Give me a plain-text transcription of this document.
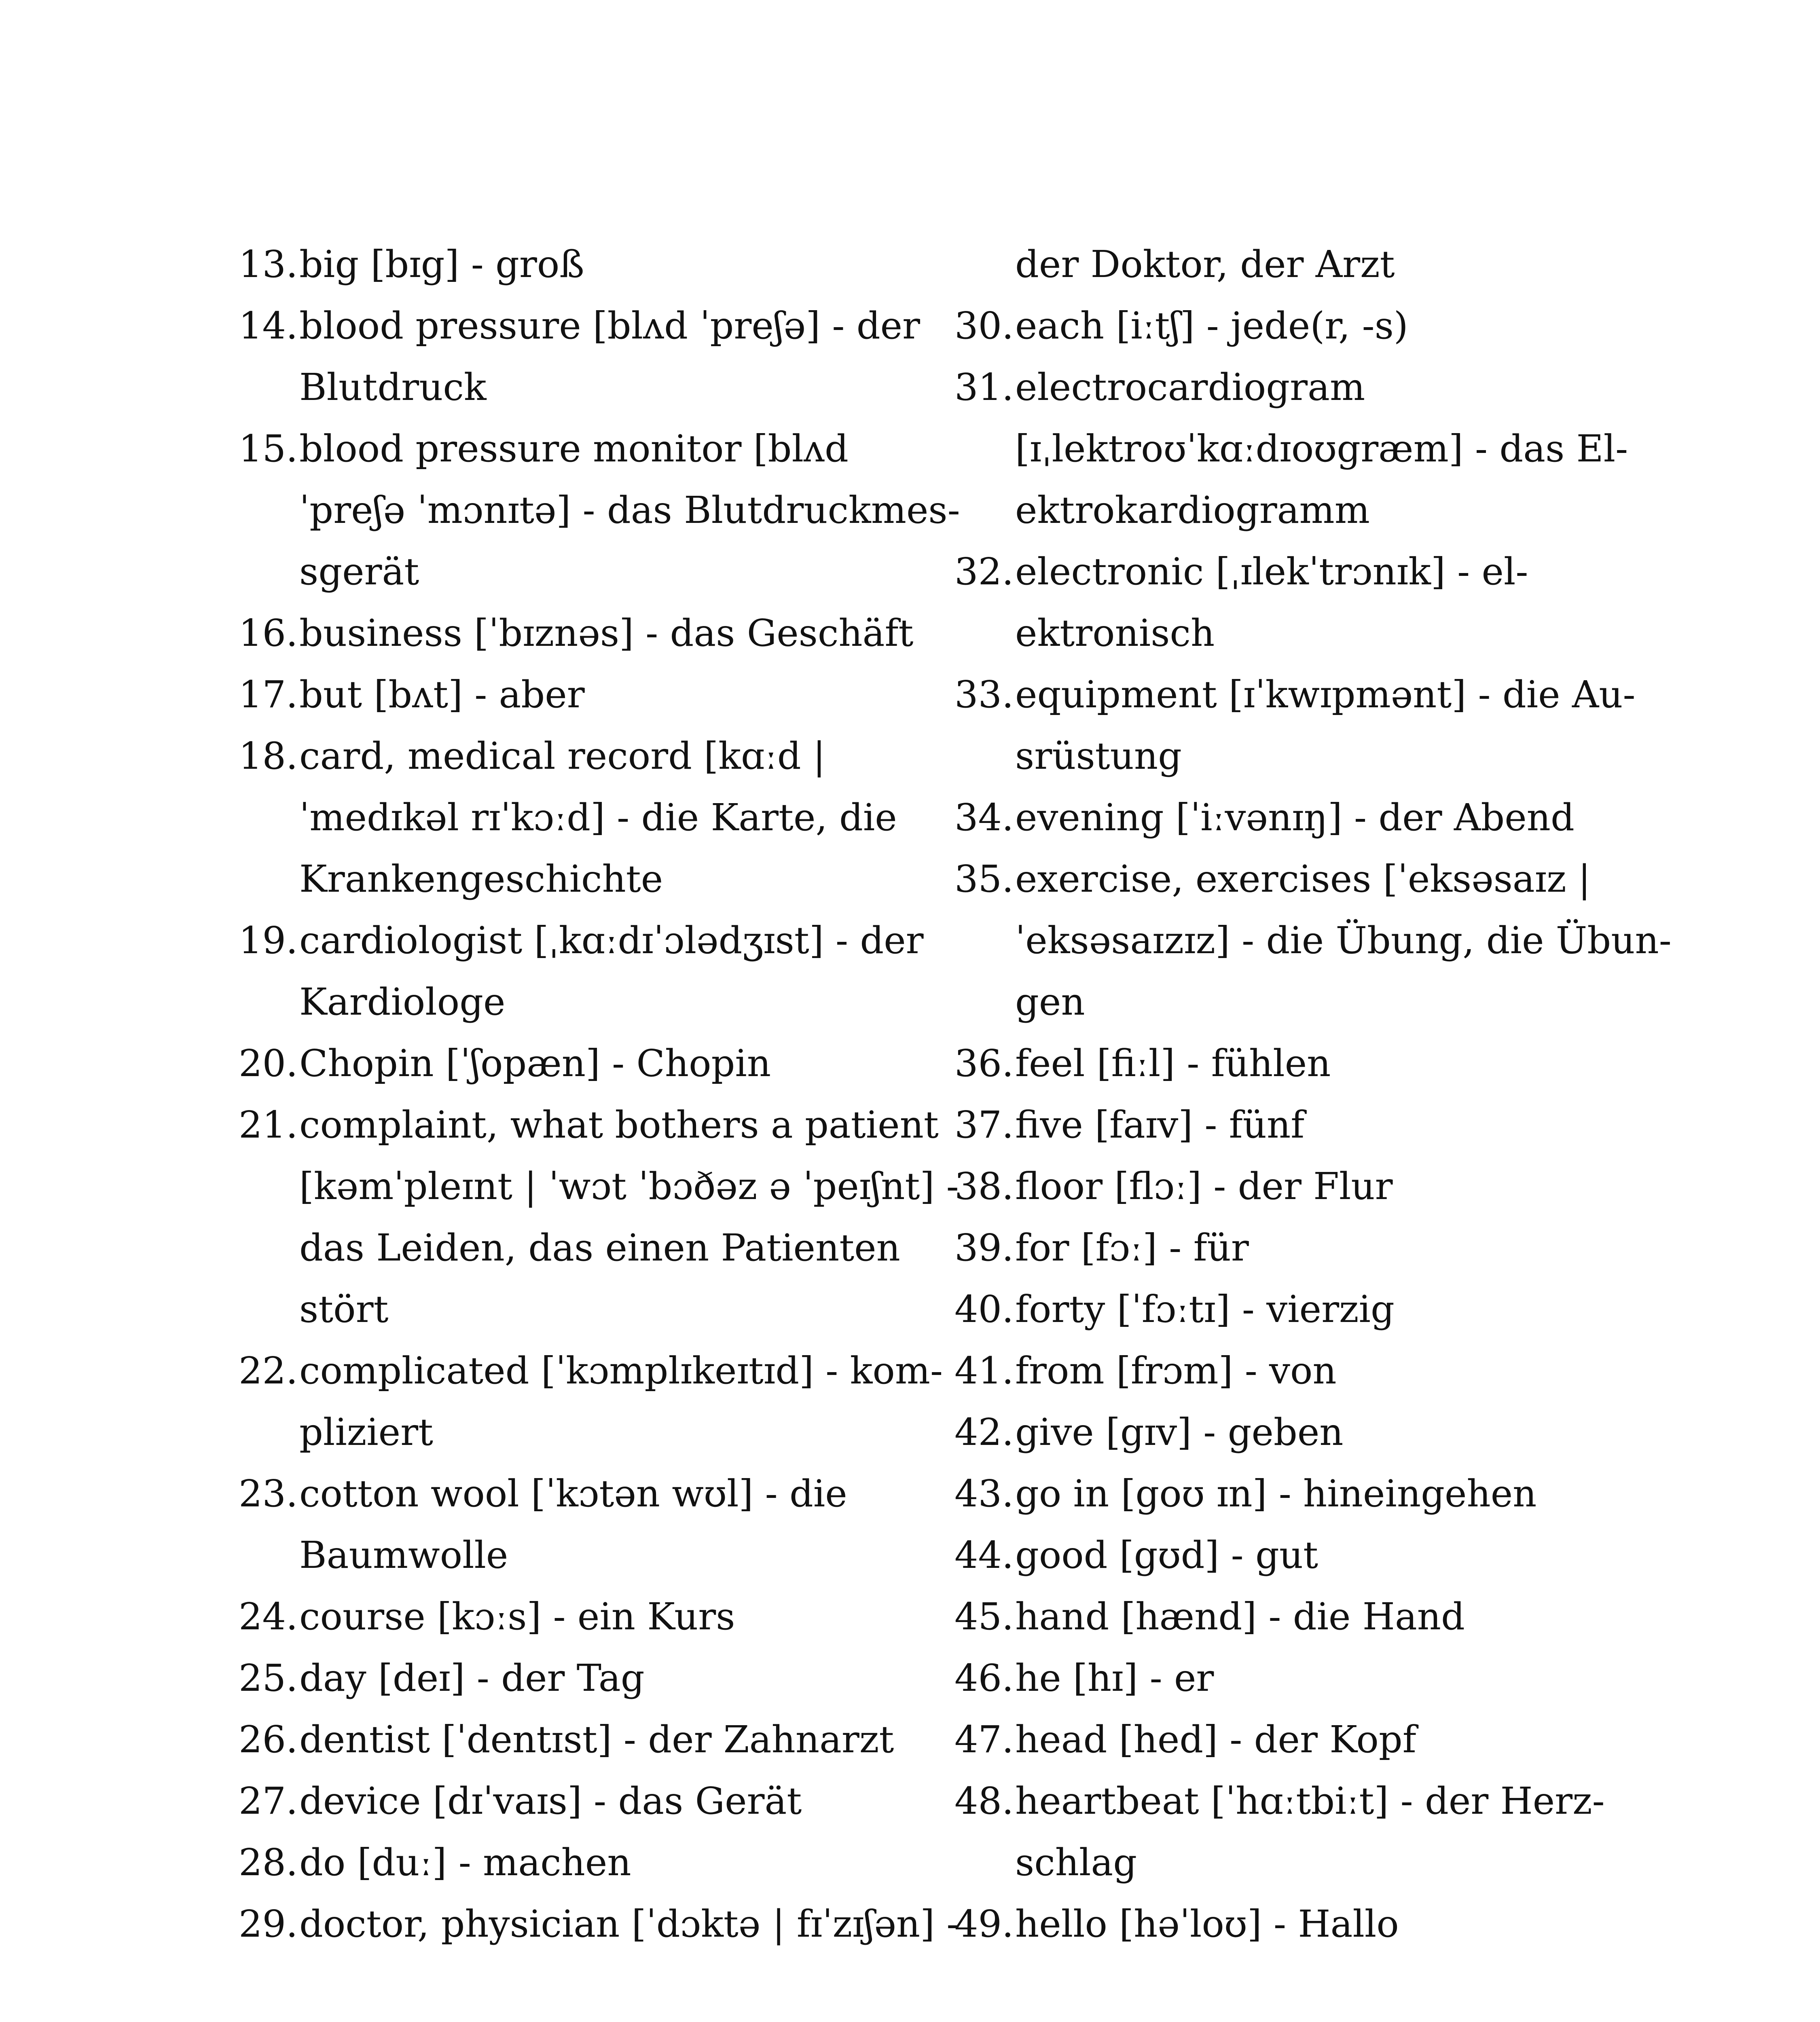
13. big [bɪg] - groß
14. blood pressure [blʌd ˈpreʃə] - der
Blutdruck
15. blood pressure monitor [blʌd
ˈpreʃə ˈmɔnɪtə] - das Blutdruckmes-
sgerät
16. business [ˈbɪznəs] - das Geschäft
17. but [bʌt] - aber
18. card, medical record [kɑːd |
ˈmedɪkəl rɪˈkɔːd] - die Karte, die
Krankengeschichte
19. cardiologist [ˌkɑːdɪˈɔlədʒɪst] - der
Kardiologe
20. Chopin [ˈʃopæn] - Chopin
21. complaint, what bothers a patient
[kəmˈpleɪnt | ˈwɔt ˈbɔðəz ə ˈpeɪʃnt] -
das Leiden, das einen Patienten
stört
22. complicated [ˈkɔmplɪkeɪtɪd] - kom-
pliziert
23. cotton wool [ˈkɔtən wʊl] - die
Baumwolle
24. course [kɔːs] - ein Kurs
25. day [deɪ] - der Tag
26. dentist [ˈdentɪst] - der Zahnarzt
27. device [dɪˈvaɪs] - das Gerät
28. do [duː] - machen
29. doctor, physician [ˈdɔktə | fɪˈzɪʃən] -
der Doktor, der Arzt
30. each [iːtʃ] - jede(r, -s)
31. electrocardiogram
[ɪˌlektroʊˈkɑːdɪoʊgræm] - das El-
ektrokardiogramm
32. electronic [ˌɪlekˈtrɔnɪk] - el-
ektronisch
33. equipment [ɪˈkwɪpmənt] - die Au-
srüstung
34. evening [ˈiːvənɪŋ] - der Abend
35. exercise, exercises [ˈeksəsaɪz |
ˈeksəsaɪzɪz] - die Übung, die Übun-
gen
36. feel [fiːl] - fühlen
37. five [faɪv] - fünf
38. floor [flɔː] - der Flur
39. for [fɔː] - für
40. forty [ˈfɔːtɪ] - vierzig
41. from [frɔm] - von
42. give [gɪv] - geben
43. go in [goʊ ɪn] - hineingehen
44. good [gʊd] - gut
45. hand [hænd] - die Hand
46. he [hɪ] - er
47. head [hed] - der Kopf
48. heartbeat [ˈhɑːtbiːt] - der Herz-
schlag
49. hello [həˈloʊ] - Hallo
